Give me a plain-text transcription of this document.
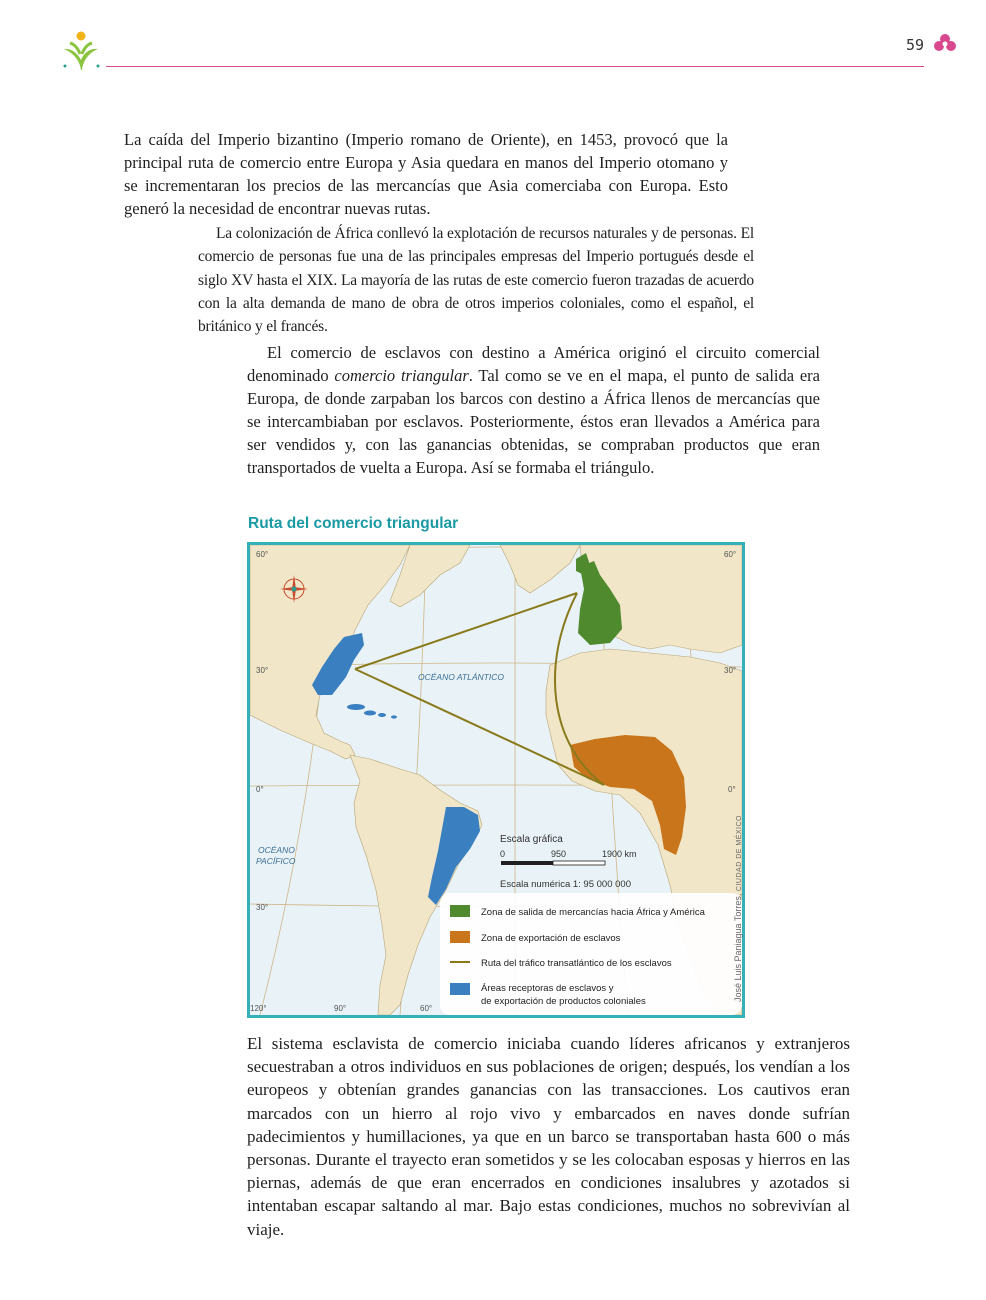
59

La caída del Imperio bizantino (Imperio romano de Oriente), en 1453, provocó que la principal ruta de comercio entre Europa y Asia quedara en manos del Imperio otomano y se incrementaran los precios de las mercancías que Asia comerciaba con Europa. Esto generó la necesidad de encontrar nuevas rutas.

La colonización de África conllevó la explotación de recursos naturales y de personas. El comercio de personas fue una de las principales empresas del Imperio portugués desde el siglo XV hasta el XIX. La mayoría de las rutas de este comercio fueron trazadas de acuerdo con la alta demanda de mano de obra de otros imperios coloniales, como el español, el británico y el francés.

El comercio de esclavos con destino a América originó el circuito comercial denominado comercio triangular. Tal como se ve en el mapa, el punto de salida era Europa, de donde zarpaban los barcos con destino a África llenos de mercancías que se intercambiaban por esclavos. Posteriormente, éstos eran llevados a América para ser vendidos y, con las ganancias obtenidas, se compraban productos que eran transportados de vuelta a Europa. Así se formaba el triángulo.

Ruta del comercio triangular
60°	60°
30°	30°
0°	0°
30°
120°	90°	60°
OCÉANO ATLÁNTICO
OCÉANO
PACÍFICO
Escala gráfica
0	950	1900 km
Escala numérica 1: 95 000 000
Zona de salida de mercancías hacia África y América
Zona de exportación de esclavos
Ruta del tráfico transatlántico de los esclavos
Áreas receptoras de esclavos y
de exportación de productos coloniales	José Luis Paniagua Torres, CIUDAD DE MÉXICO

El sistema esclavista de comercio iniciaba cuando líderes africanos y extranjeros secuestraban a otros individuos en sus poblaciones de origen; después, los vendían a los europeos y obtenían grandes ganancias con las transacciones. Los cautivos eran marcados con un hierro al rojo vivo y embarcados en naves donde sufrían padecimientos y humillaciones, ya que en un barco se transportaban hasta 600 o más personas. Durante el trayecto eran sometidos y se les colocaban esposas y hierros en las piernas, además de que eran encerrados en condiciones insalubres y azotados si intentaban escapar saltando al mar. Bajo estas condiciones, muchos no sobrevivían al viaje.
